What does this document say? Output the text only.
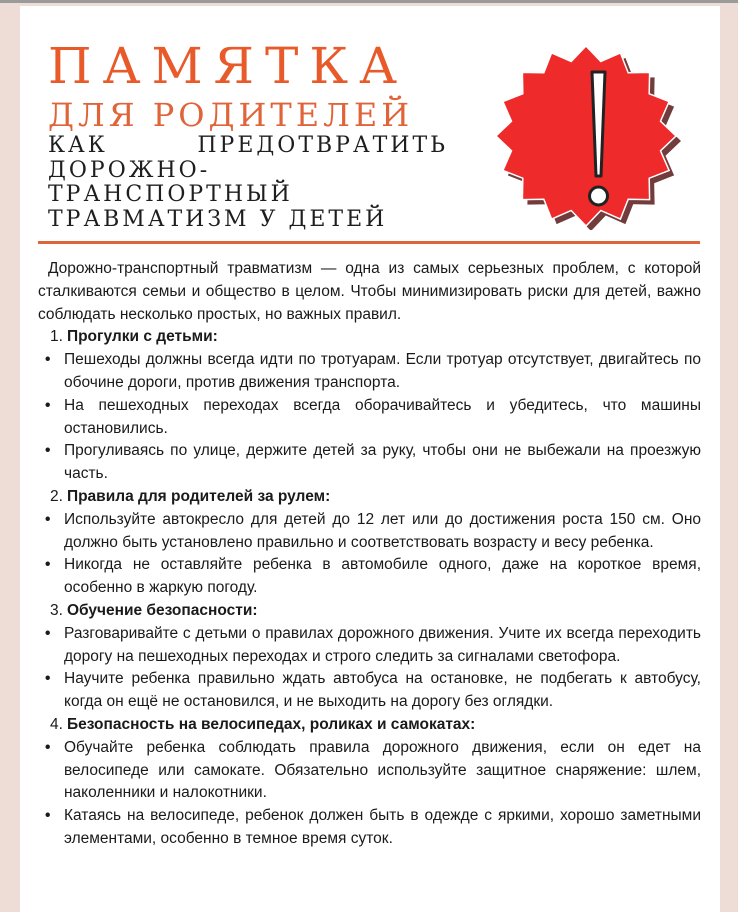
ПАМЯТКА
ДЛЯ РОДИТЕЛЕЙ
КАК ПРЕДОТВРАТИТЬ ДОРОЖНО-ТРАНСПОРТНЫЙ ТРАВМАТИЗМ У ДЕТЕЙ

Дорожно-транспортный травматизм — одна из самых серьезных проблем, с которой сталкиваются семьи и общество в целом. Чтобы минимизировать риски для детей, важно соблюдать несколько простых, но важных правил.

1. Прогулки с детьми:

• Пешеходы должны всегда идти по тротуарам. Если тротуар отсутствует, двигайтесь по обочине дороги, против движения транспорта.

• На пешеходных переходах всегда оборачивайтесь и убедитесь, что машины остановились.

• Прогуливаясь по улице, держите детей за руку, чтобы они не выбежали на проезжую часть.

2. Правила для родителей за рулем:

• Используйте автокресло для детей до 12 лет или до достижения роста 150 см. Оно должно быть установлено правильно и соответствовать возрасту и весу ребенка.

• Никогда не оставляйте ребенка в автомобиле одного, даже на короткое время, особенно в жаркую погоду.

3. Обучение безопасности:

• Разговаривайте с детьми о правилах дорожного движения. Учите их всегда переходить дорогу на пешеходных переходах и строго следить за сигналами светофора.

• Научите ребенка правильно ждать автобуса на остановке, не подбегать к автобусу, когда он ещё не остановился, и не выходить на дорогу без оглядки.

4. Безопасность на велосипедах, роликах и самокатах:

• Обучайте ребенка соблюдать правила дорожного движения, если он едет на велосипеде или самокате. Обязательно используйте защитное снаряжение: шлем, наколенники и налокотники.

• Катаясь на велосипеде, ребенок должен быть в одежде с яркими, хорошо заметными элементами, особенно в темное время суток.
